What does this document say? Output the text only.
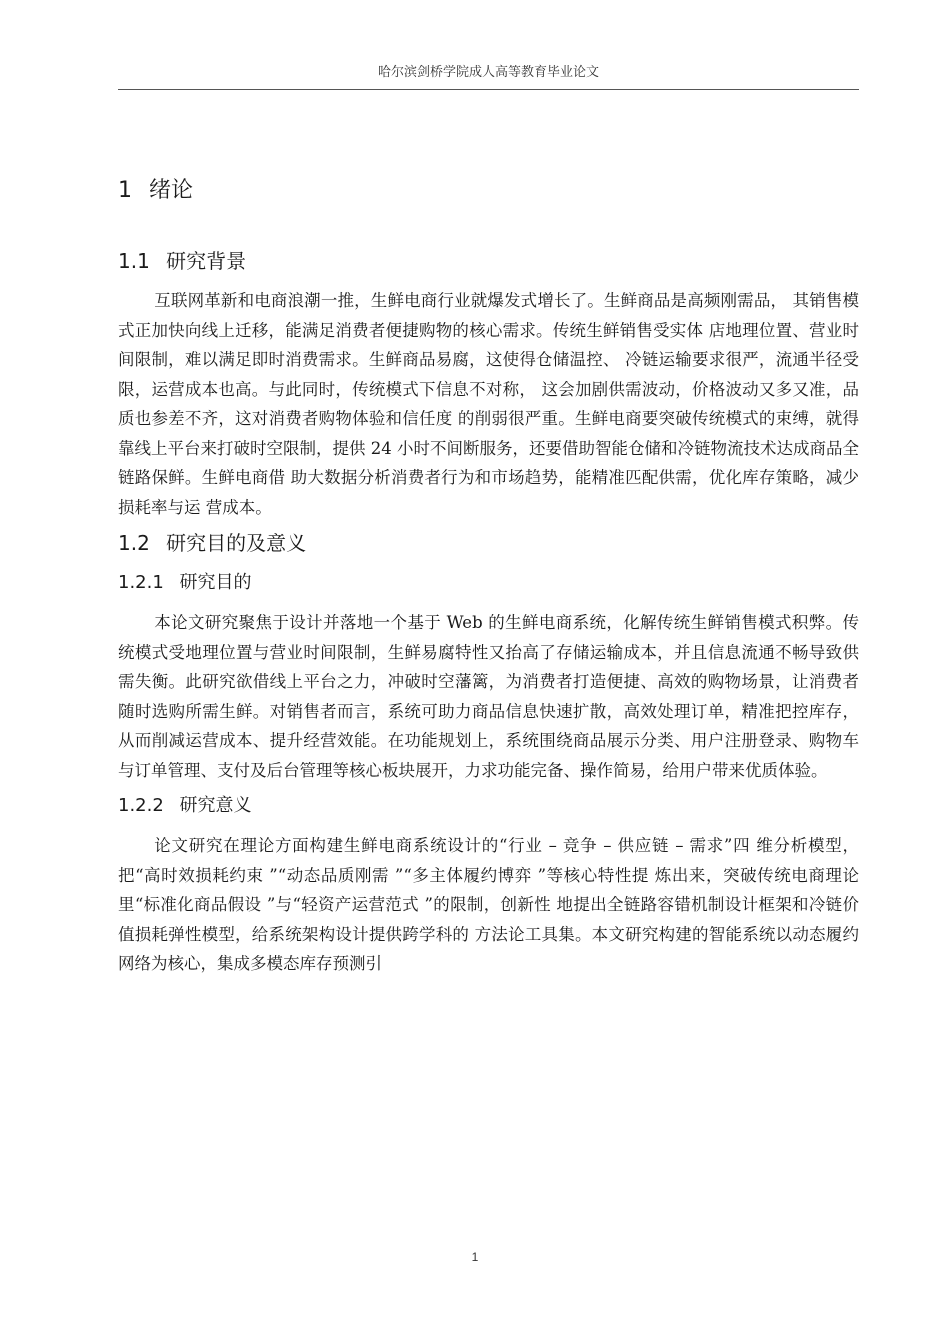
哈尔滨剑桥学院成人高等教育毕业论文
1 绪论
1.1 研究背景

互联网革新和电商浪潮一推，生鲜电商行业就爆发式增长了。生鲜商品是高频刚需品， 其销售模式正加快向线上迁移，能满足消费者便捷购物的核心需求。传统生鲜销售受实体 店地理位置、营业时间限制，难以满足即时消费需求。生鲜商品易腐，这使得仓储温控、 冷链运输要求很严，流通半径受限，运营成本也高。与此同时，传统模式下信息不对称， 这会加剧供需波动，价格波动又多又准，品质也参差不齐，这对消费者购物体验和信任度 的削弱很严重。生鲜电商要突破传统模式的束缚，就得靠线上平台来打破时空限制，提供 24 小时不间断服务，还要借助智能仓储和冷链物流技术达成商品全链路保鲜。生鲜电商借 助大数据分析消费者行为和市场趋势，能精准匹配供需，优化库存策略，减少损耗率与运 营成本。

1.2 研究目的及意义
1.2.1 研究目的

本论文研究聚焦于设计并落地一个基于 Web 的生鲜电商系统，化解传统生鲜销售模式积弊。传统模式受地理位置与营业时间限制，生鲜易腐特性又抬高了存储运输成本，并且信息流通不畅导致供需失衡。此研究欲借线上平台之力，冲破时空藩篱，为消费者打造便捷、高效的购物场景，让消费者随时选购所需生鲜。对销售者而言，系统可助力商品信息快速扩散，高效处理订单，精准把控库存，从而削减运营成本、提升经营效能。在功能规划上，系统围绕商品展示分类、用户注册登录、购物车与订单管理、支付及后台管理等核心板块展开，力求功能完备、操作简易，给用户带来优质体验。

1.2.2 研究意义

论文研究在理论方面构建生鲜电商系统设计的“行业 – 竞争 – 供应链 – 需求”四 维分析模型，把“高时效损耗约束 ”“动态品质刚需 ”“多主体履约博弈 ”等核心特性提 炼出来，突破传统电商理论里“标准化商品假设 ”与“轻资产运营范式 ”的限制，创新性 地提出全链路容错机制设计框架和冷链价值损耗弹性模型，给系统架构设计提供跨学科的 方法论工具集。本文研究构建的智能系统以动态履约网络为核心，集成多模态库存预测引

1
